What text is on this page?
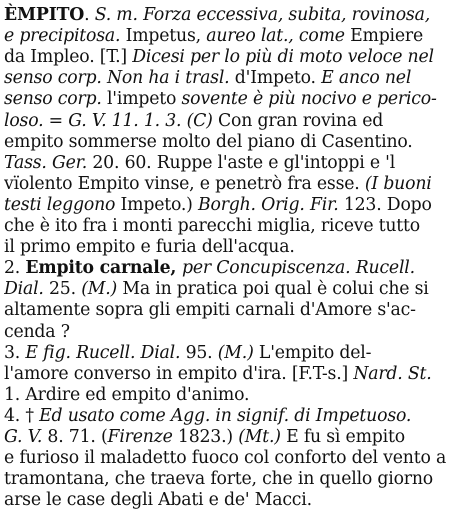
ÈMPITO. S. m. Forza eccessiva, subita, rovinosa,
e precipitosa. Impetus, aureo lat., come Empiere
da Impleo. [T.] Dicesi per lo più di moto veloce nel
senso corp. Non ha i trasl. d'Impeto. E anco nel
senso corp. l'impeto sovente è più nocivo e perico-
loso. = G. V. 11. 1. 3. (C) Con gran rovina ed
empito sommerse molto del piano di Casentino.
Tass. Ger. 20. 60. Ruppe l'aste e gl'intoppi e 'l
vïolento Empito vinse, e penetrò fra esse. (I buoni
testi leggono Impeto.) Borgh. Orig. Fir. 123. Dopo
che è ito fra i monti parecchi miglia, riceve tutto
il primo empito e furia dell'acqua.
2. Empito carnale, per Concupiscenza. Rucell.
Dial. 25. (M.) Ma in pratica poi qual è colui che si
altamente sopra gli empiti carnali d'Amore s'ac-
cenda ?
3. E fig. Rucell. Dial. 95. (M.) L'empito del-
l'amore converso in empito d'ira. [F.T-s.] Nard. St.
1. Ardire ed empito d'animo.
4. † Ed usato come Agg. in signif. di Impetuoso.
G. V. 8. 71. (Firenze 1823.) (Mt.) E fu sì empito
e furioso il maladetto fuoco col conforto del vento a
tramontana, che traeva forte, che in quello giorno
arse le case degli Abati e de' Macci.
